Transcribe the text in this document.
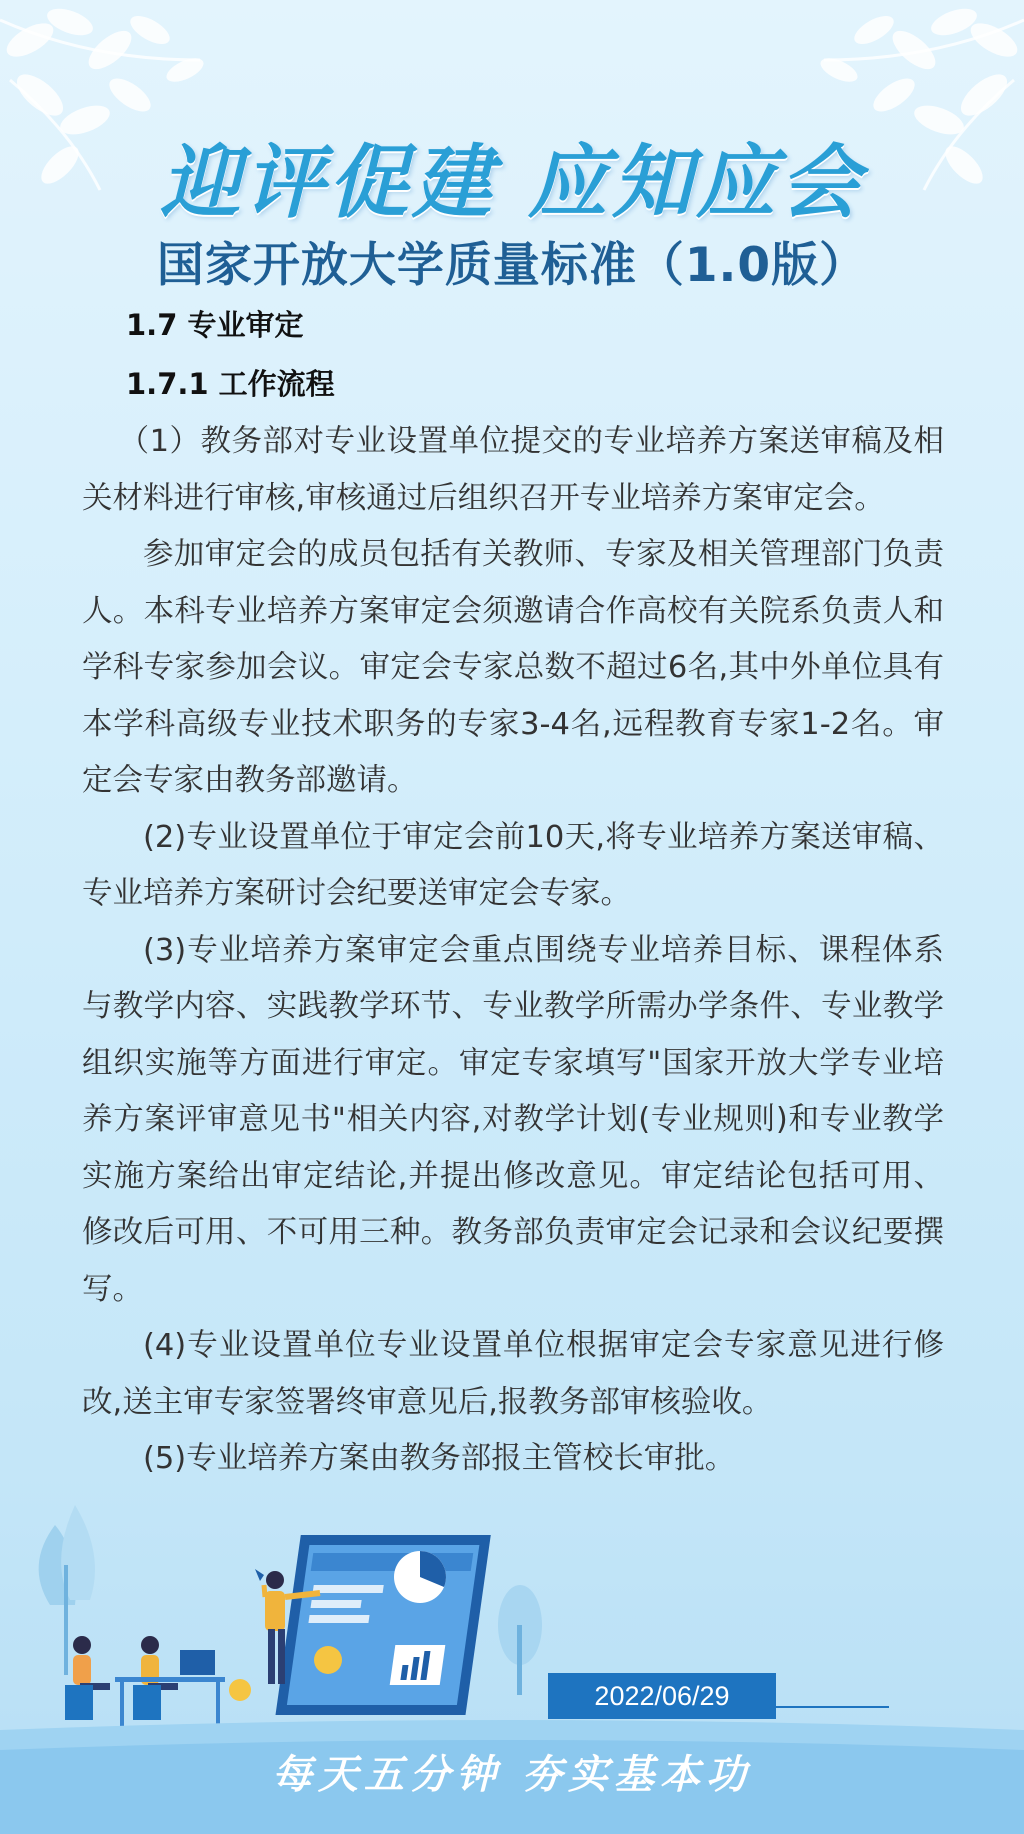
迎评促建 应知应会
国家开放大学质量标准（1.0版）
1.7 专业审定
1.7.1 工作流程

（1）教务部对专业设置单位提交的专业培养方案送审稿及相关材料进行审核,审核通过后组织召开专业培养方案审定会。

参加审定会的成员包括有关教师、专家及相关管理部门负责人。本科专业培养方案审定会须邀请合作高校有关院系负责人和学科专家参加会议。审定会专家总数不超过6名,其中外单位具有本学科高级专业技术职务的专家3-4名,远程教育专家1-2名。审定会专家由教务部邀请。

(2)专业设置单位于审定会前10天,将专业培养方案送审稿、专业培养方案研讨会纪要送审定会专家。

(3)专业培养方案审定会重点围绕专业培养目标、课程体系与教学内容、实践教学环节、专业教学所需办学条件、专业教学组织实施等方面进行审定。审定专家填写"国家开放大学专业培养方案评审意见书"相关内容,对教学计划(专业规则)和专业教学实施方案给出审定结论,并提出修改意见。审定结论包括可用、修改后可用、不可用三种。教务部负责审定会记录和会议纪要撰写。

(4)专业设置单位专业设置单位根据审定会专家意见进行修改,送主审专家签署终审意见后,报教务部审核验收。

(5)专业培养方案由教务部报主管校长审批。

2022/06/29
每天五分钟 夯实基本功
